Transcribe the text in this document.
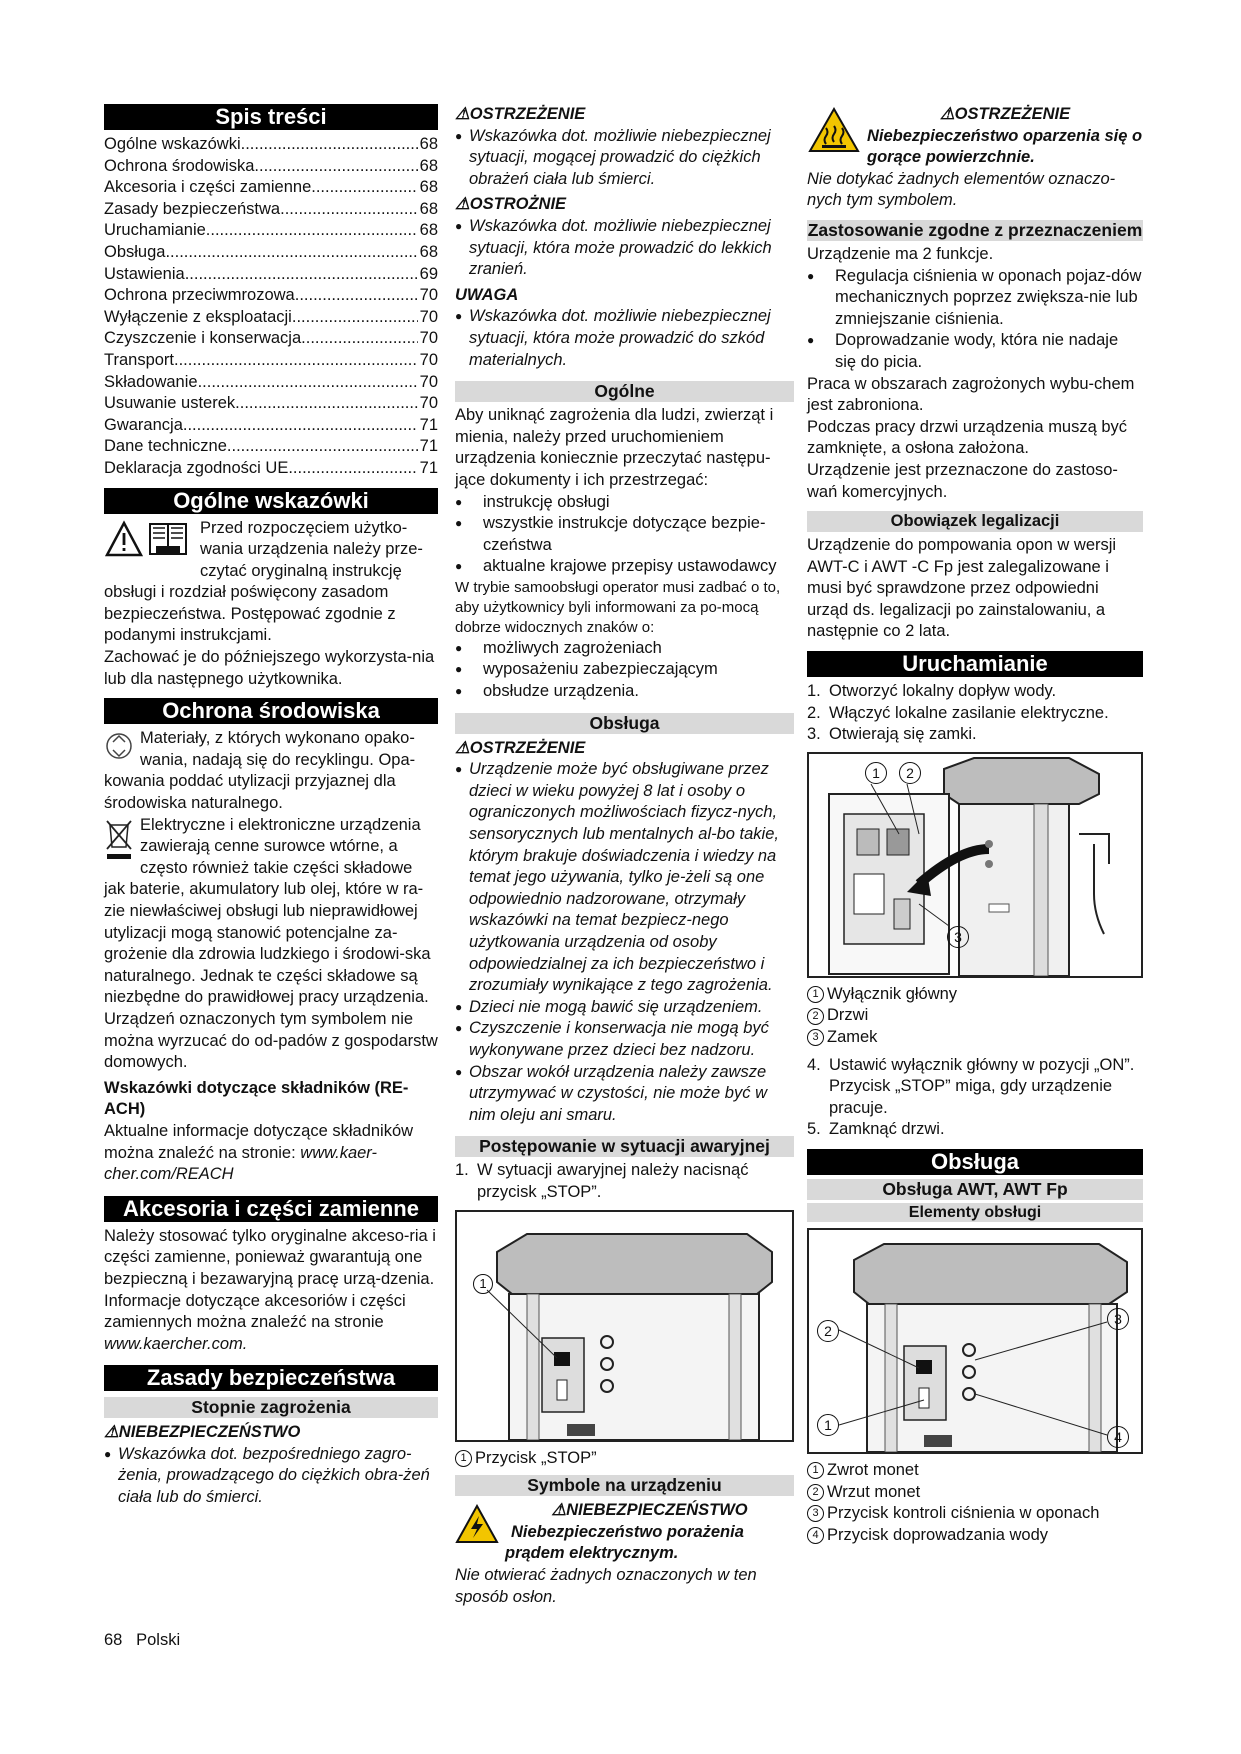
Spis treści
Ogólne wskazówki .....	68
Ochrona środowiska .....	68
Akcesoria i części zamienne .....	68
Zasady bezpieczeństwa .....	68
Uruchamianie .....	68
Obsługa .....	68
Ustawienia .....	69
Ochrona przeciwmrozowa .....	70
Wyłączenie z eksploatacji .....	70
Czyszczenie i konserwacja .....	70
Transport .....	70
Składowanie .....	70
Usuwanie usterek .....	70
Gwarancja .....	71
Dane techniczne .....	71
Deklaracja zgodności UE .....	71
Ogólne wskazówki
Przed rozpoczęciem użytko-wania urządzenia należy prze-czytać oryginalną instrukcję obsługi i rozdział poświęcony zasadom bezpieczeństwa. Postępować zgodnie z podanymi instrukcjami.
Zachować je do późniejszego wykorzysta-nia lub dla następnego użytkownika.
Ochrona środowiska
Materiały, z których wykonano opako-wania, nadają się do recyklingu. Opa-kowania poddać utylizacji przyjaznej dla środowiska naturalnego.
Elektryczne i elektroniczne urządzenia zawierają cenne surowce wtórne, a często również takie części składowe jak baterie, akumulatory lub olej, które w ra-zie niewłaściwej obsługi lub nieprawidłowej utylizacji mogą stanowić potencjalne za-grożenie dla zdrowia ludzkiego i środowi-ska naturalnego. Jednak te części składowe są niezbędne do prawidłowej pracy urządzenia. Urządzeń oznaczonych tym symbolem nie można wyrzucać do od-padów z gospodarstw domowych.
Wskazówki dotyczące składników (RE-ACH)
Aktualne informacje dotyczące składników można znaleźć na stronie: www.kaer-cher.com/REACH
Akcesoria i części zamienne
Należy stosować tylko oryginalne akceso-ria i części zamienne, ponieważ gwarantują one bezpieczną i bezawaryjną pracę urzą-dzenia.
Informacje dotyczące akcesoriów i części zamiennych można znaleźć na stronie www.kaercher.com.
Zasady bezpieczeństwa
Stopnie zagrożenia
⚠NIEBEZPIECZEŃSTWO
● Wskazówka dot. bezpośredniego zagro-żenia, prowadzącego do ciężkich obra-żeń ciała lub do śmierci.
⚠OSTRZEŻENIE
● Wskazówka dot. możliwie niebezpiecznej sytuacji, mogącej prowadzić do ciężkich obrażeń ciała lub śmierci.
⚠OSTROŻNIE
● Wskazówka dot. możliwie niebezpiecznej sytuacji, która może prowadzić do lekkich zranień.
UWAGA
● Wskazówka dot. możliwie niebezpiecznej sytuacji, która może prowadzić do szkód materialnych.
Ogólne
Aby uniknąć zagrożenia dla ludzi, zwierząt i mienia, należy przed uruchomieniem urządzenia koniecznie przeczytać następu-jące dokumenty i ich przestrzegać:
● instrukcję obsługi
● wszystkie instrukcje dotyczące bezpie-czeństwa
● aktualne krajowe przepisy ustawodawcy
W trybie samoobsługi operator musi zadbać o to, aby użytkownicy byli informowani za po-mocą dobrze widocznych znaków o:
● możliwych zagrożeniach
● wyposażeniu zabezpieczającym
● obsłudze urządzenia.
Obsługa
⚠OSTRZEŻENIE
● Urządzenie może być obsługiwane przez dzieci w wieku powyżej 8 lat i osoby o ograniczonych możliwościach fizycz-nych, sensorycznych lub mentalnych al-bo takie, którym brakuje doświadczenia i wiedzy na temat jego używania, tylko je-żeli są one odpowiednio nadzorowane, otrzymały wskazówki na temat bezpiecz-nego użytkowania urządzenia od osoby odpowiedzialnej za ich bezpieczeństwo i zrozumiały wynikające z tego zagrożenia.
● Dzieci nie mogą bawić się urządzeniem.
● Czyszczenie i konserwacja nie mogą być wykonywane przez dzieci bez nadzoru.
● Obszar wokół urządzenia należy zawsze utrzymywać w czystości, nie może być w nim oleju ani smaru.
Postępowanie w sytuacji awaryjnej
1. W sytuacji awaryjnej należy nacisnąć przycisk „STOP”.
1
1 Przycisk „STOP”
Symbole na urządzeniu
⚠NIEBEZPIECZEŃSTWO
Niebezpieczeństwo porażenia
prądem elektrycznym.
Nie otwierać żadnych oznaczonych w ten sposób osłon.
⚠OSTRZEŻENIE
Niebezpieczeństwo oparzenia się o gorące powierzchnie.
Nie dotykać żadnych elementów oznaczo-nych tym symbolem.
Zastosowanie zgodne z przeznaczeniem
Urządzenie ma 2 funkcje.
● Regulacja ciśnienia w oponach pojaz-dów mechanicznych poprzez zwiększa-nie lub zmniejszanie ciśnienia.
● Doprowadzanie wody, która nie nadaje się do picia.
Praca w obszarach zagrożonych wybu-chem jest zabroniona.
Podczas pracy drzwi urządzenia muszą być zamknięte, a osłona założona.
Urządzenie jest przeznaczone do zastoso-wań komercyjnych.
Obowiązek legalizacji
Urządzenie do pompowania opon w wersji AWT-C i AWT -C Fp jest zalegalizowane i musi być sprawdzone przez odpowiedni urząd ds. legalizacji po zainstalowaniu, a następnie co 2 lata.
Uruchamianie
1. Otworzyć lokalny dopływ wody.
2. Włączyć lokalne zasilanie elektryczne.
3. Otwierają się zamki.
1	2
3
1 Wyłącznik główny
2 Drzwi
3 Zamek
4. Ustawić wyłącznik główny w pozycji „ON”.
Przycisk „STOP” miga, gdy urządzenie pracuje.
5. Zamknąć drzwi.
Obsługa
Obsługa AWT, AWT Fp
Elementy obsługi
2
1
3
4
1 Zwrot monet
2 Wrzut monet
3 Przycisk kontroli ciśnienia w oponach
4 Przycisk doprowadzania wody
68 Polski
